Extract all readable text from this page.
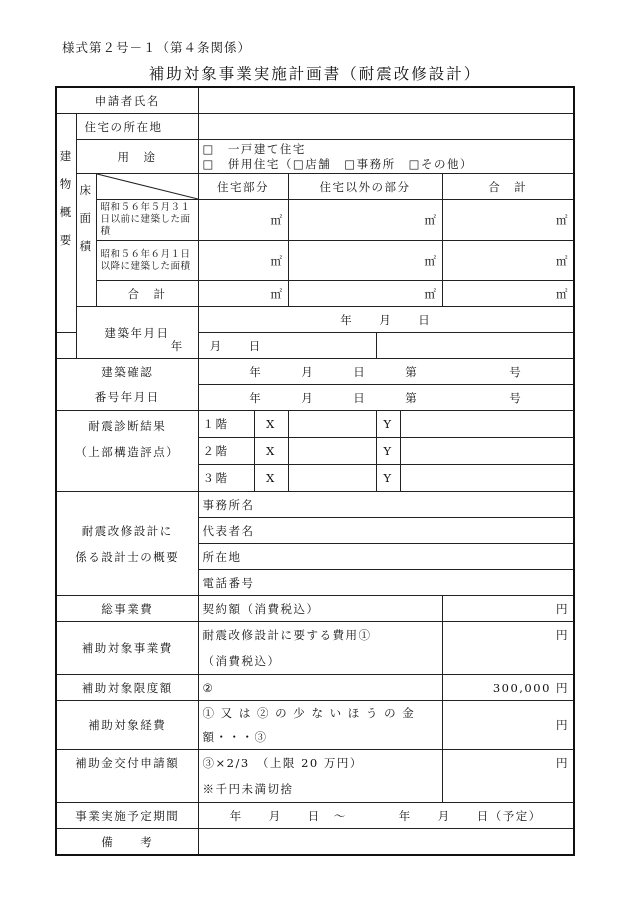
様式第２号－１（第４条関係）
補助対象事業実施計画書（耐震改修設計）
申請者氏名								
建物概要	住宅の所在地							
	用　途		□　一戸建て住宅
□　併用住宅（□店舗　□事務所　□その他）					

	床面積		住宅部分		住宅以外の部分			合　計
		昭和５６年５月３１日以前に建築した面積	㎡		㎡			㎡
		昭和５６年６月１日以降に建築した面積	㎡		㎡			㎡
		合　計	㎡		㎡			㎡
	建築年月日		年　　月　　日					
年　　月　　日								
建築確認			年　　　月　　　日　　　第　　　　　　　号					
番号年月日			年　　　月　　　日　　　第　　　　　　　号					

耐震診断結果
（上部構造評点）			１階	X		Y		
			２階	X		Y		
			３階	X		Y		

耐震改修設計に
係る設計士の概要			事務所名					
			代表者名					
			所在地					
			電話番号					
総事業費			契約額（消費税込）					円
補助対象事業費			耐震改修設計に要する費用①
（消費税込）					円
補助対象限度額			②					300,000 円
補助対象経費			① 又 は ② の 少 な い ほ う の 金
額・・・③					円
補助金交付申請額			③×2/3　（上限 20 万円）
※千円未満切捨					円
事業実施予定期間			年　　月　　日　〜　　　　年　　月　　日（予定）					
備　　考								
